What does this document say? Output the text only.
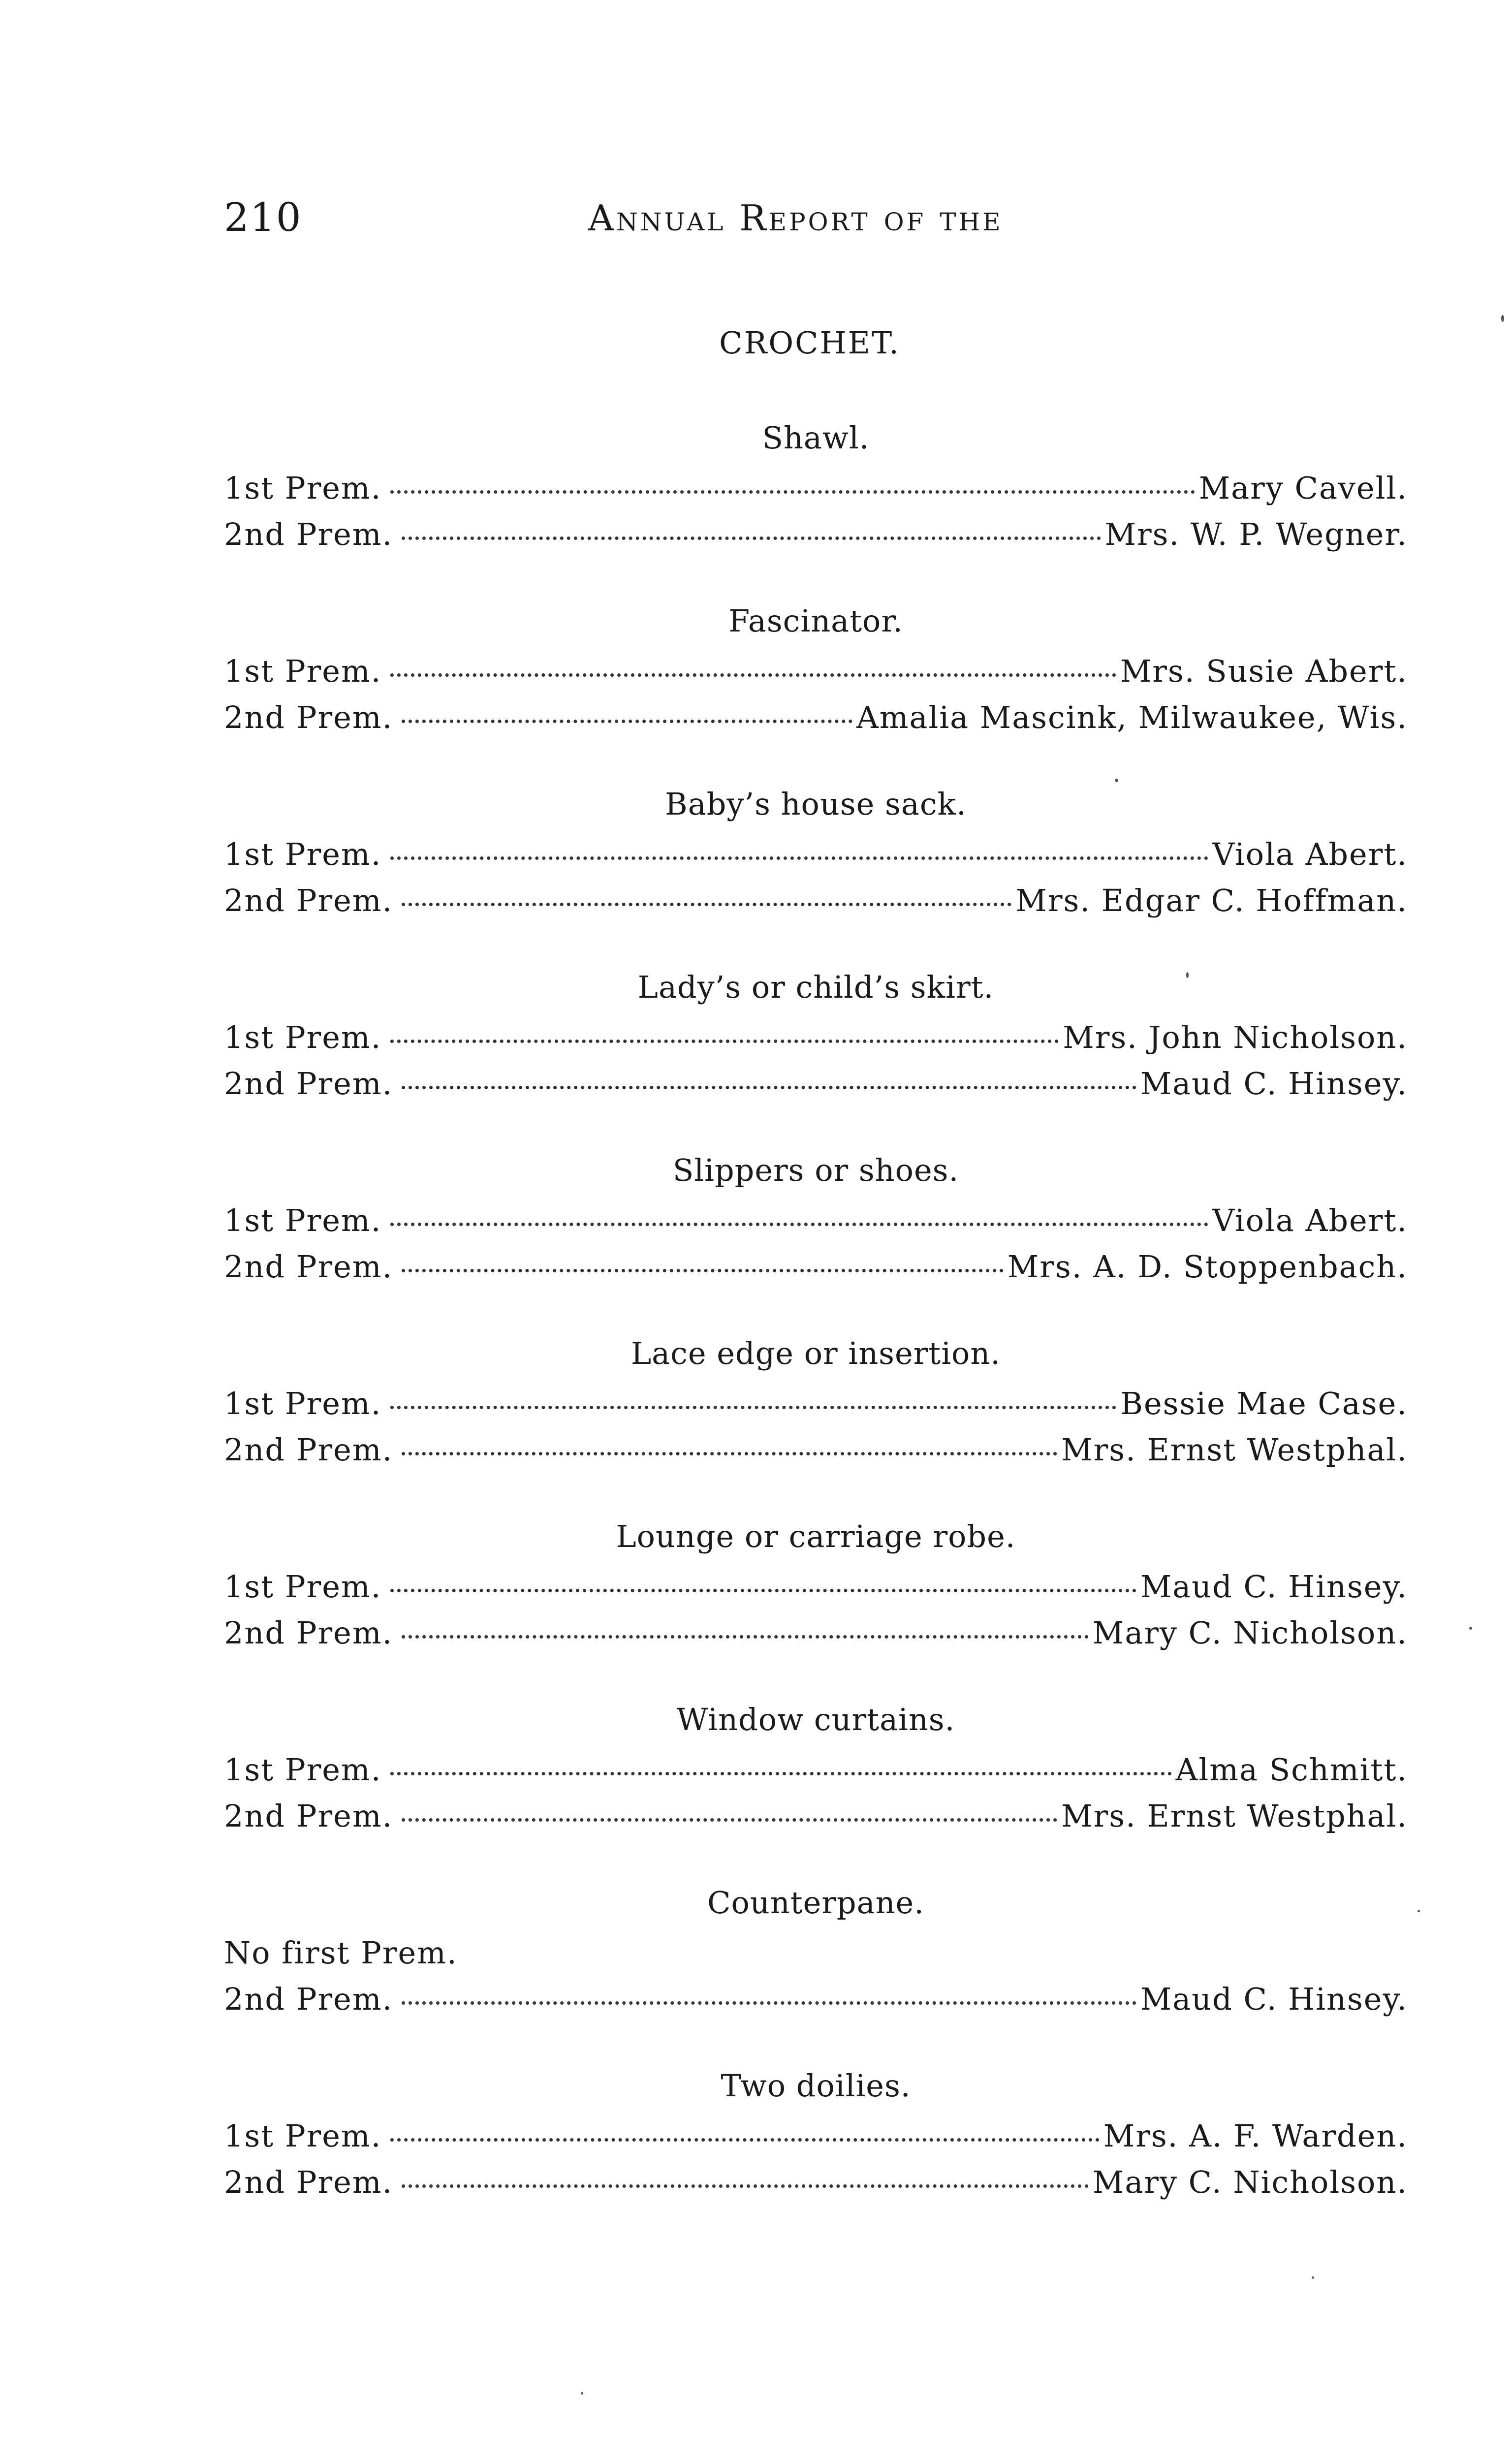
210	Annual Report of the
CROCHET.
Shawl.
1st Prem.	Mary Cavell.
2nd Prem.	Mrs. W. P. Wegner.
Fascinator.
1st Prem.	Mrs. Susie Abert.
2nd Prem.	Amalia Mascink, Milwaukee, Wis.
Baby’s house sack.
1st Prem.	Viola Abert.
2nd Prem.	Mrs. Edgar C. Hoffman.
Lady’s or child’s skirt.
1st Prem.	Mrs. John Nicholson.
2nd Prem.	Maud C. Hinsey.
Slippers or shoes.
1st Prem.	Viola Abert.
2nd Prem.	Mrs. A. D. Stoppenbach.
Lace edge or insertion.
1st Prem.	Bessie Mae Case.
2nd Prem.	Mrs. Ernst Westphal.
Lounge or carriage robe.
1st Prem.	Maud C. Hinsey.
2nd Prem.	Mary C. Nicholson.
Window curtains.
1st Prem.	Alma Schmitt.
2nd Prem.	Mrs. Ernst Westphal.
Counterpane.
No first Prem.
2nd Prem.	Maud C. Hinsey.
Two doilies.
1st Prem.	Mrs. A. F. Warden.
2nd Prem.	Mary C. Nicholson.
